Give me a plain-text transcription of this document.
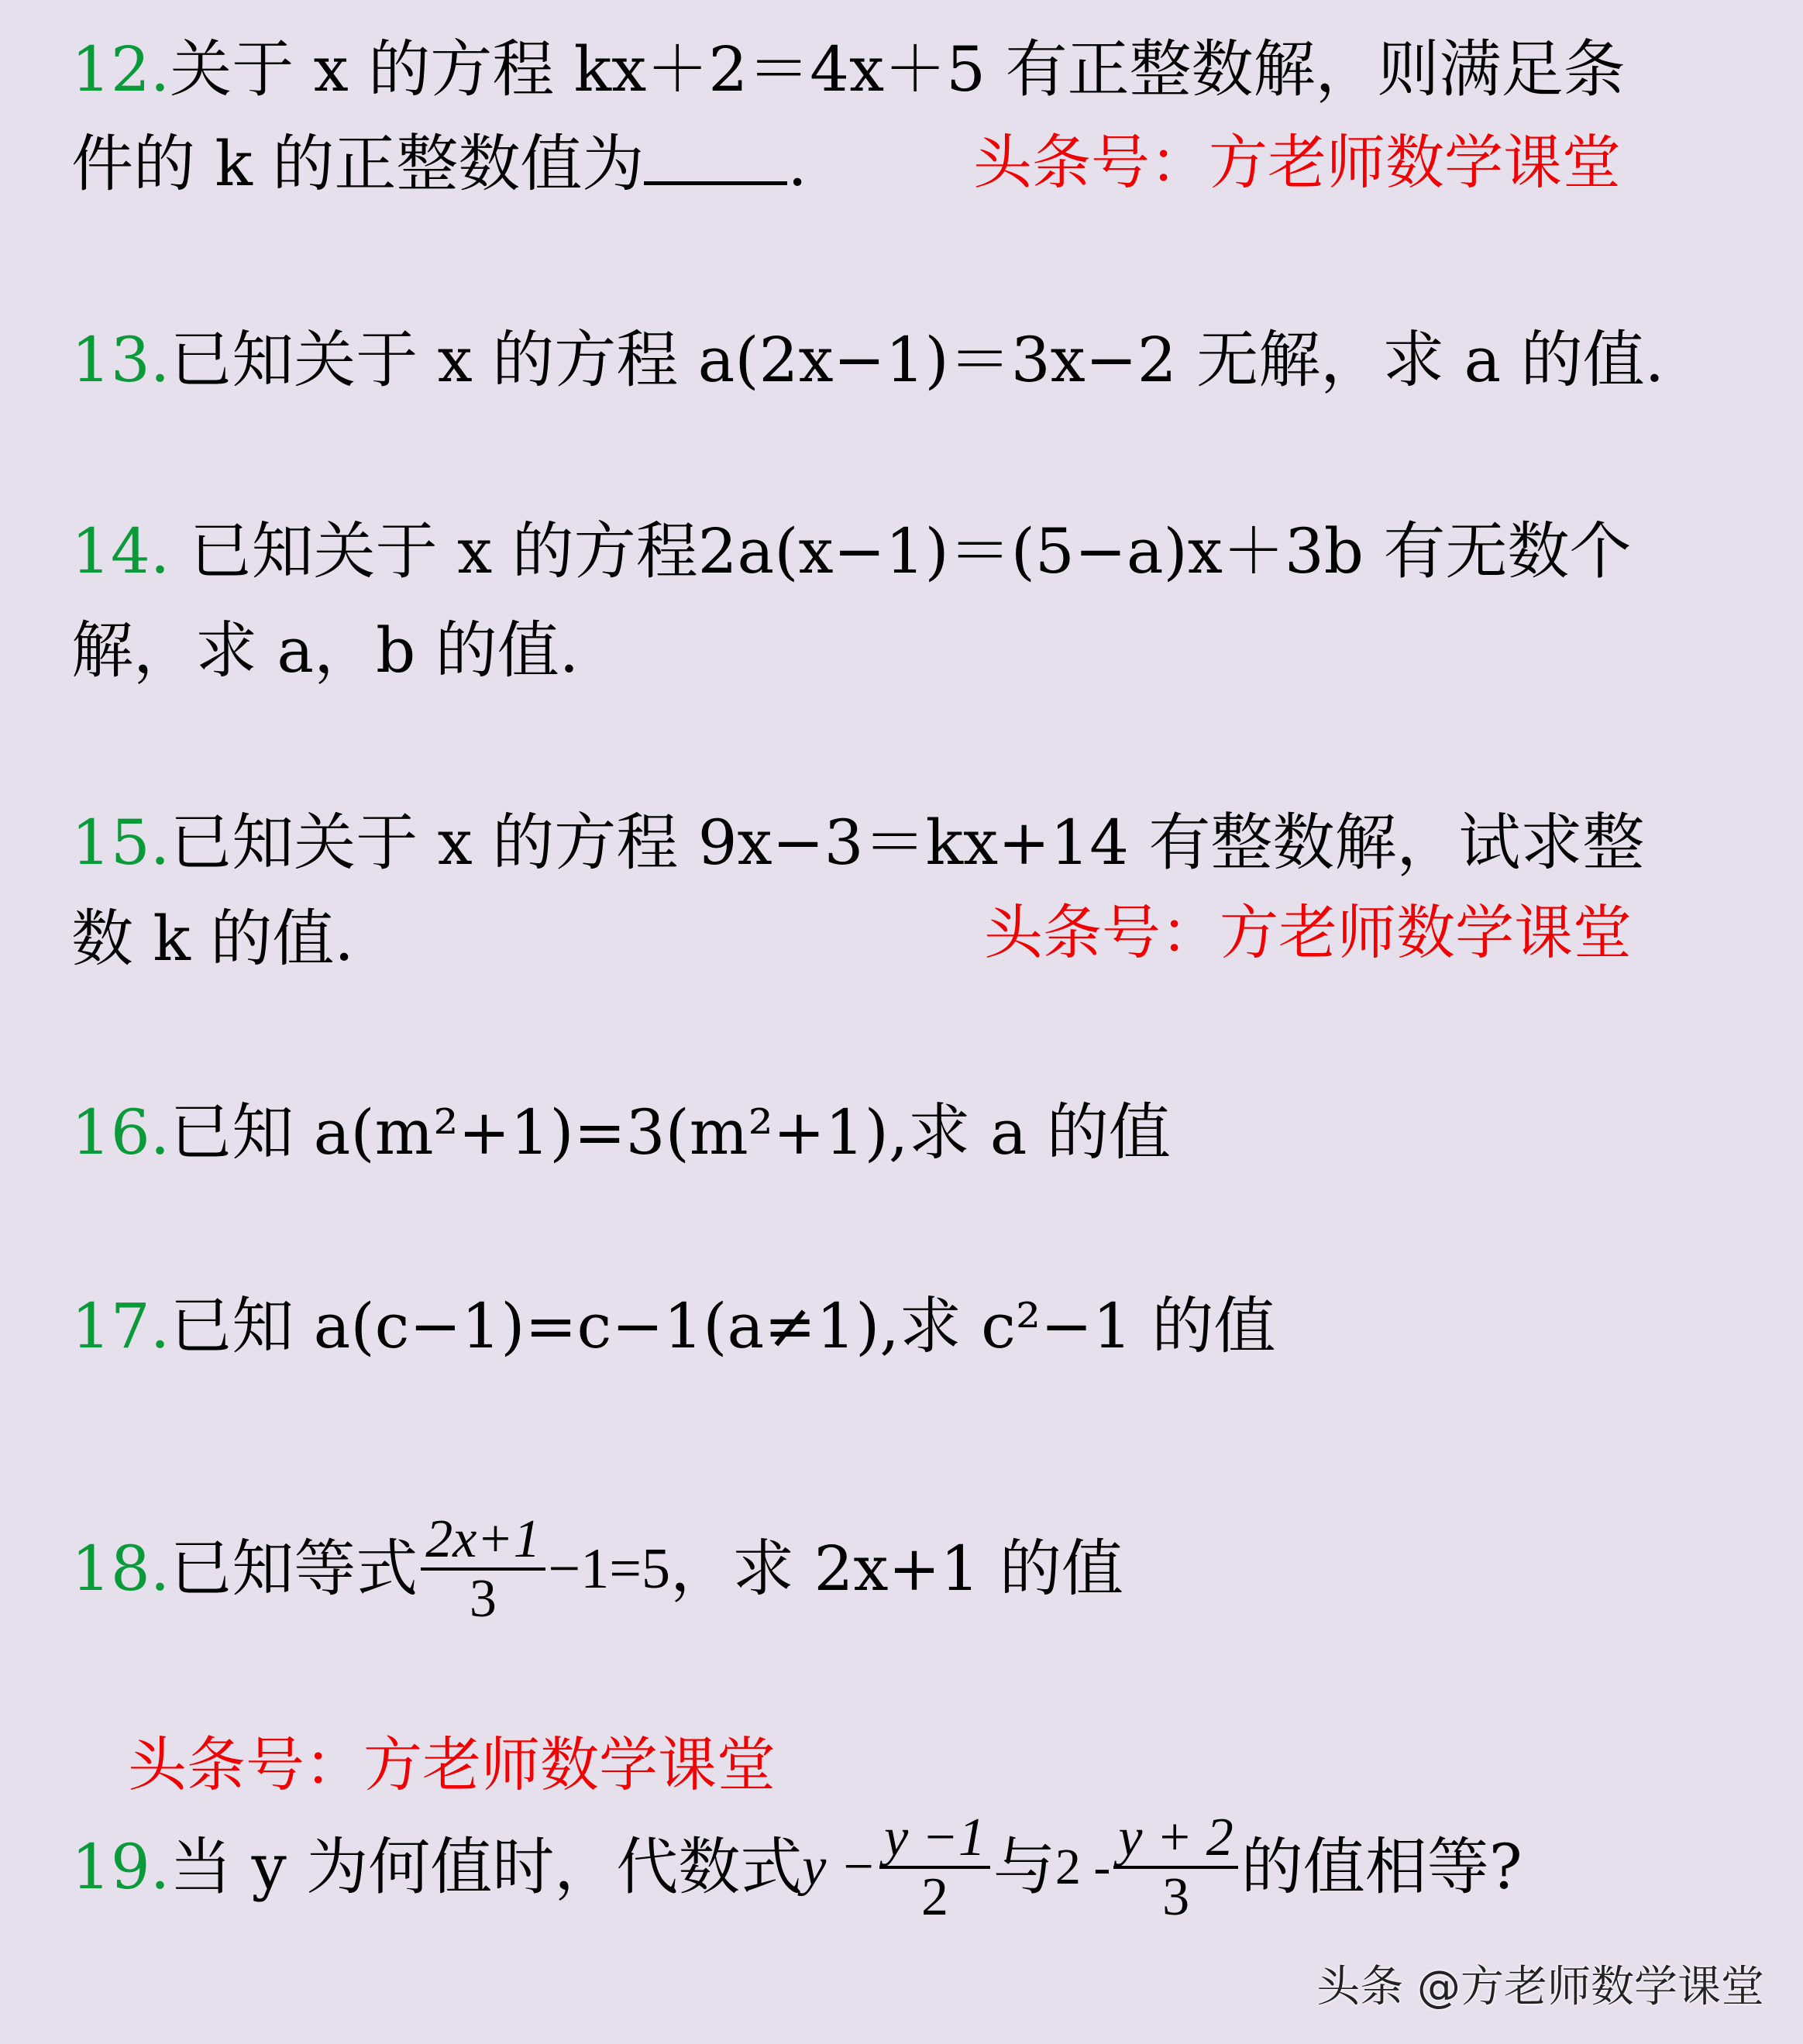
12.关于 x 的方程 kx＋2＝4x＋5 有正整数解，则满足条
件的 k 的正整数值为 .	头条号：方老师数学课堂
13.已知关于 x 的方程 a(2x−1)＝3x−2 无解，求 a 的值.
14. 已知关于 x 的方程2a(x−1)＝(5−a)x＋3b 有无数个
解，求 a，b 的值.
15.已知关于 x 的方程 9x−3＝kx+14 有整数解，试求整
数 k 的值.	头条号：方老师数学课堂
16.已知 a(m²+1)=3(m²+1),求 a 的值
17.已知 a(c−1)=c−1(a≠1),求 c²−1 的值
18. 已知等式 $\frac{2x+1}{3} -1=5$ ，求 2x+1 的值
头条号：方老师数学课堂
19. 当 y 为何值时，代数式 $y - \frac{y -1}{2}$ 与 $2 - \frac{y + 2}{3}$ 的值相等?
头条 @方老师数学课堂
